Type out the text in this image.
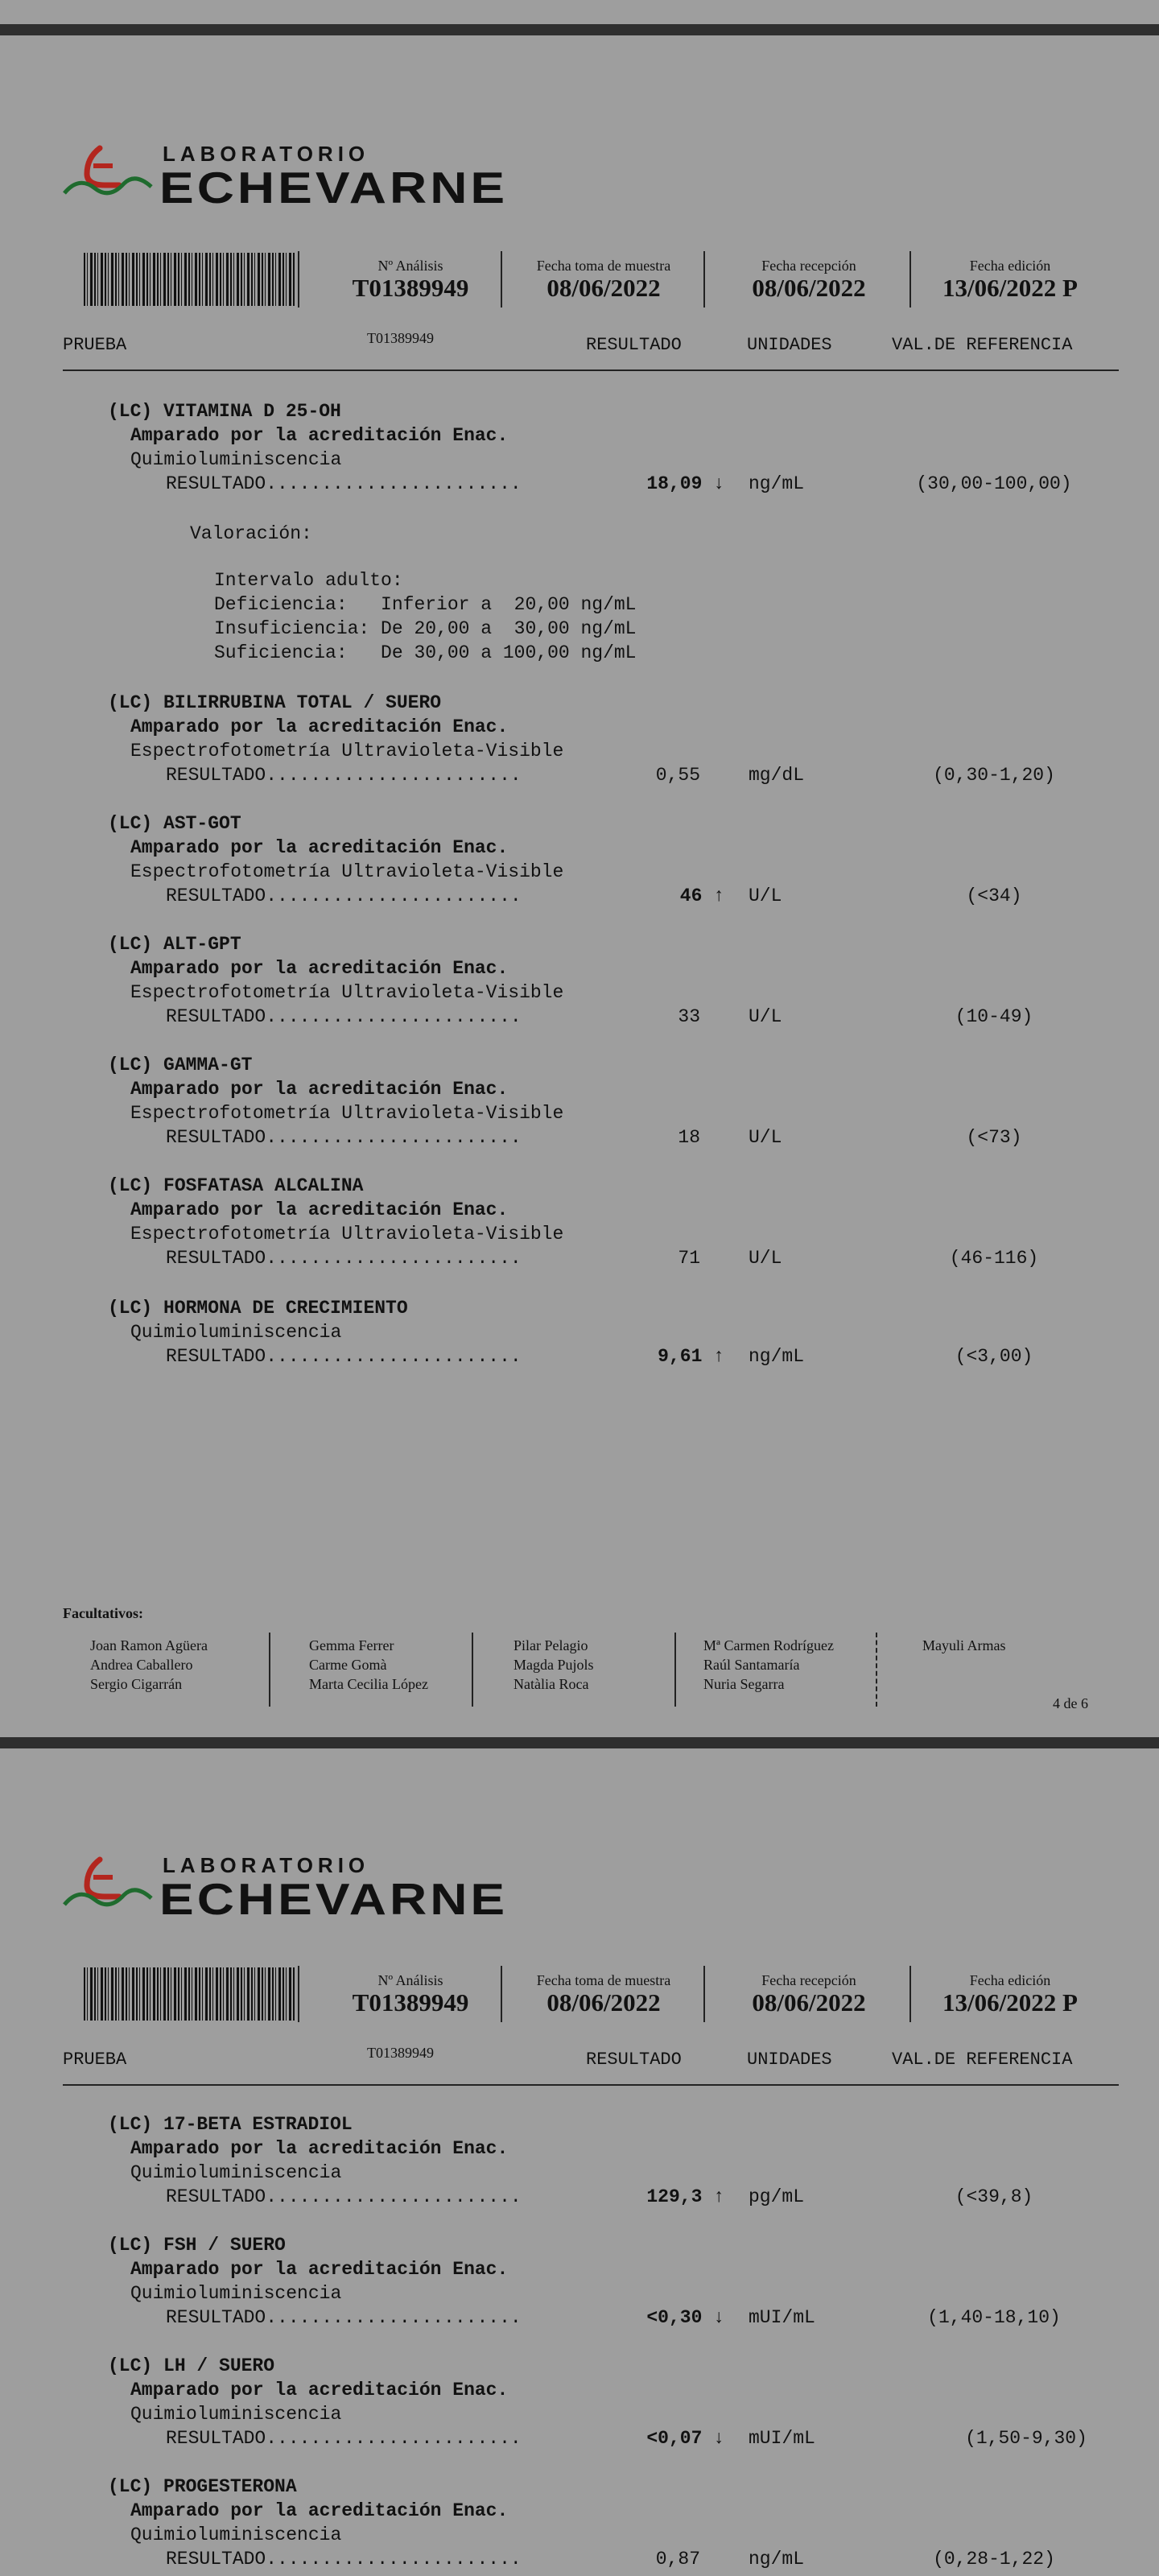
LABORATORIO
ECHEVARNE
Nº Análisis
T01389949
Fecha toma de muestra
08/06/2022
Fecha recepción
08/06/2022
Fecha edición
13/06/2022 P
T01389949
PRUEBA	RESULTADO	UNIDADES	VAL.DE REFERENCIA
(LC) VITAMINA D 25-OH
Amparado por la acreditación Enac.
Quimioluminiscencia
RESULTADO.......................	18,09 ↓ ng/mL	(30,00-100,00)
Valoración:
Intervalo adulto:
Deficiencia:   Inferior a  20,00 ng/mL
Insuficiencia: De 20,00 a  30,00 ng/mL
Suficiencia:   De 30,00 a 100,00 ng/mL
(LC) BILIRRUBINA TOTAL / SUERO
Amparado por la acreditación Enac.
Espectrofotometría Ultravioleta-Visible
RESULTADO.......................	0,55	mg/dL	(0,30-1,20)
(LC) AST-GOT
Amparado por la acreditación Enac.
Espectrofotometría Ultravioleta-Visible
RESULTADO.......................	46 ↑ U/L	(<34)
(LC) ALT-GPT
Amparado por la acreditación Enac.
Espectrofotometría Ultravioleta-Visible
RESULTADO.......................	33	U/L	(10-49)
(LC) GAMMA-GT
Amparado por la acreditación Enac.
Espectrofotometría Ultravioleta-Visible
RESULTADO.......................	18	U/L	(<73)
(LC) FOSFATASA ALCALINA
Amparado por la acreditación Enac.
Espectrofotometría Ultravioleta-Visible
RESULTADO.......................	71	U/L	(46-116)
(LC) HORMONA DE CRECIMIENTO
Quimioluminiscencia
RESULTADO.......................	9,61 ↑ ng/mL	(<3,00)
Facultativos:
Joan Ramon Agüera
Andrea Caballero
Sergio Cigarrán
Gemma Ferrer
Carme Gomà
Marta Cecilia López
Pilar Pelagio
Magda Pujols
Natàlia Roca
Mª Carmen Rodríguez
Raúl Santamaría
Nuria Segarra
Mayuli Armas
4 de 6
LABORATORIO
ECHEVARNE
Nº Análisis
T01389949
Fecha toma de muestra
08/06/2022
Fecha recepción
08/06/2022
Fecha edición
13/06/2022 P
T01389949
PRUEBA	RESULTADO	UNIDADES	VAL.DE REFERENCIA
(LC) 17-BETA ESTRADIOL
Amparado por la acreditación Enac.
Quimioluminiscencia
RESULTADO.......................	129,3 ↑ pg/mL	(<39,8)
(LC) FSH / SUERO
Amparado por la acreditación Enac.
Quimioluminiscencia
RESULTADO.......................	<0,30 ↓ mUI/mL	(1,40-18,10)
(LC) LH / SUERO
Amparado por la acreditación Enac.
Quimioluminiscencia
RESULTADO.......................	<0,07 ↓ mUI/mL	(1,50-9,30)
(LC) PROGESTERONA
Amparado por la acreditación Enac.
Quimioluminiscencia
RESULTADO.......................	0,87	ng/mL	(0,28-1,22)
